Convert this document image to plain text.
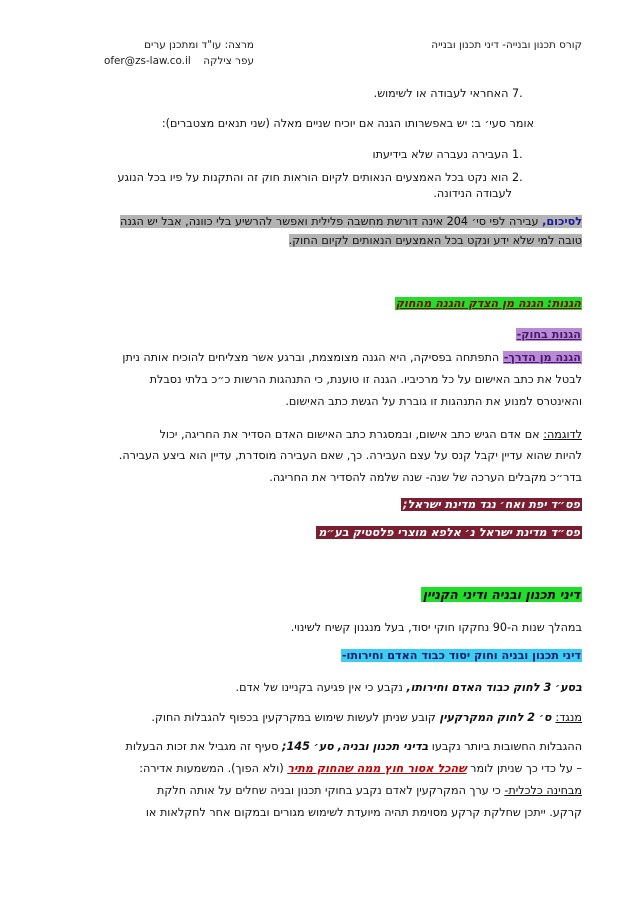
קורס תכנון ובנייה- דיני תכנון ובנייה
מרצה: עו"ד ומתכנן ערים
עפר צילקה
ofer@zs-law.co.il
.7 האחראי לעבודה או לשימוש.
אומר סעי׳ ב: יש באפשרותו הגנה אם יוכיח שניים מאלה (שני תנאים מצטברים):
.1 העבירה נעברה שלא בידיעתו
.2 הוא נקט בכל האמצעים הנאותים לקיום הוראות חוק זה והתקנות על פיו בכל הנוגע
לעבודה הנידונה.
לסיכום, עבירה לפי סי׳ 204 אינה דורשת מחשבה פלילית ואפשר להרשיע בלי כוונה, אבל יש הגנה
טובה למי שלא ידע ונקט בכל האמצעים הנאותים לקיום החוק.
הגנות: הגנה מן הצדק והגנה מהחוק
הגנות בחוק-
הגנה מן הדרך- התפתחה בפסיקה, היא הגנה מצומצמת, וברגע אשר מצליחים להוכיח אותה ניתן
לבטל את כתב האישום על כל מרכיביו. הגנה זו טוענת, כי התנהגות הרשות כ״כ בלתי נסבלת
והאינטרס למנוע את התנהגות זו גוברת על הגשת כתב האישום.
לדוגמה: אם אדם הגיש כתב אישום, ובמסגרת כתב האישום האדם הסדיר את החריגה, יכול
להיות שהוא עדיין יקבל קנס על עצם העבירה. כך, שאם העבירה מוסדרת, עדיין הוא ביצע העבירה.
בדר״כ מקבלים הערכה של שנה- שנה שלמה להסדיר את החריגה.
פס״ד יפת ואח׳ נגד מדינת ישראל;
פס״ד מדינת ישראל נ׳ אלפא מוצרי פלסטיק בע״מ
דיני תכנון ובניה ודיני הקניין
במהלך שנות ה-90 נחקקו חוקי יסוד, בעל מנגנון קשיח לשינוי.
דיני תכנון ובניה וחוק יסוד כבוד האדם וחירותו-
בסע׳ 3 לחוק כבוד האדם וחירותו, נקבע כי אין פגיעה בקניינו של אדם.
מנגד: ס׳ 2 לחוק המקרקעין קובע שניתן לעשות שימוש במקרקעין בכפוף להגבלות החוק.
ההגבלות החשובות ביותר נקבעו בדיני תכנון ובניה, סע׳ 145; סעיף זה מגביל את זכות הבעלות
– על כדי כך שניתן לומר שהכל אסור חוץ ממה שהחוק מתיר (ולא הפוך). המשמעות אדירה:
מבחינה כלכלית- כי ערך המקרקעין לאדם נקבע בחוקי תכנון ובניה שחלים על אותה חלקת
קרקע. ייתכן שחלקת קרקע מסוימת תהיה מיועדת לשימוש מגורים ובמקום אחר לחקלאות או
